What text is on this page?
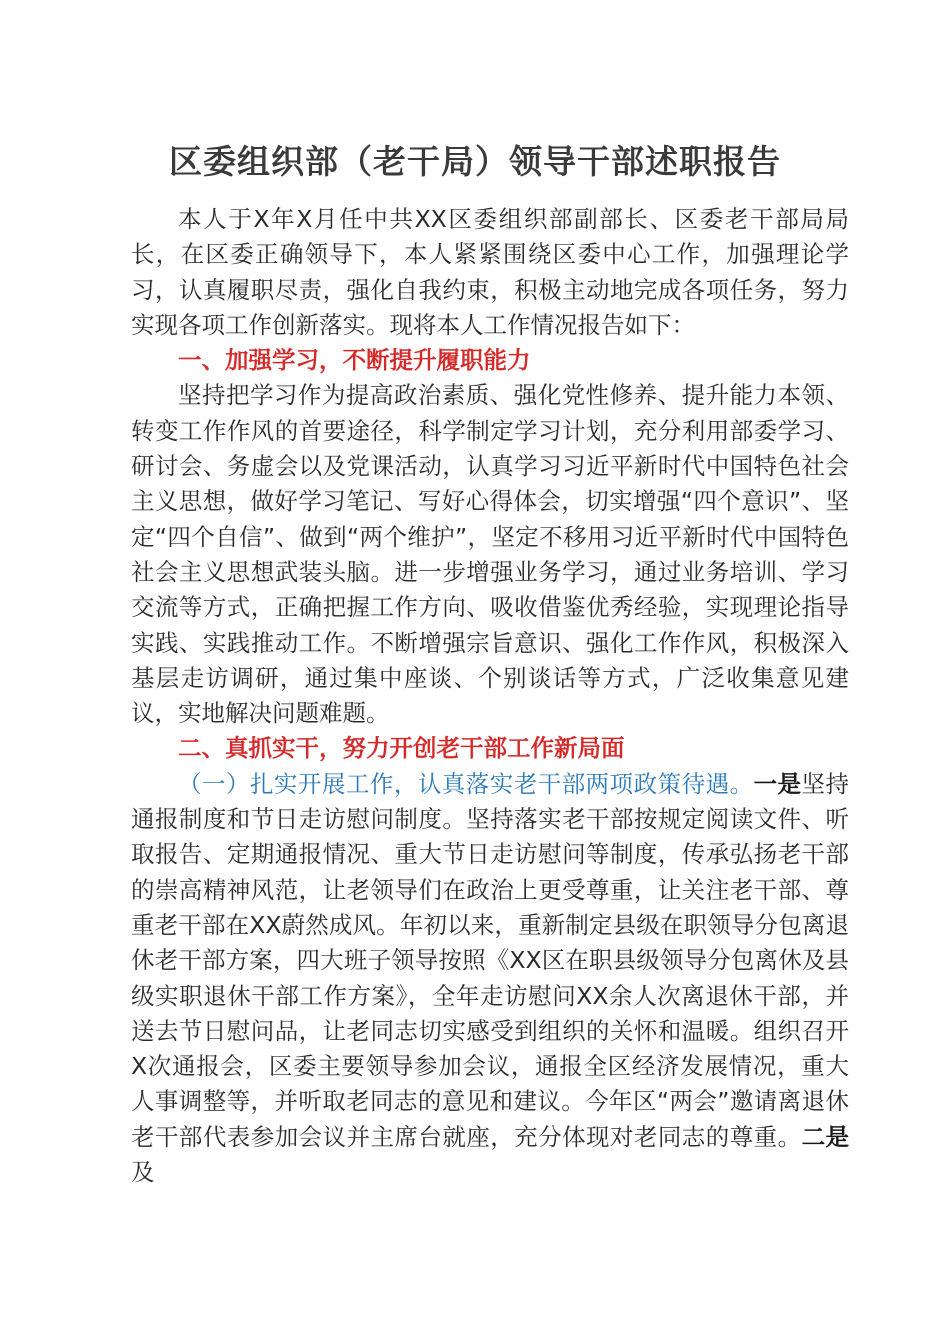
区委组织部（老干局）领导干部述职报告

本人于X年X月任中共XX区委组织部副部长、区委老干部局局长，在区委正确领导下，本人紧紧围绕区委中心工作，加强理论学习，认真履职尽责，强化自我约束，积极主动地完成各项任务，努力实现各项工作创新落实。现将本人工作情况报告如下：

一、加强学习，不断提升履职能力

坚持把学习作为提高政治素质、强化党性修养、提升能力本领、转变工作作风的首要途径，科学制定学习计划，充分利用部委学习、研讨会、务虚会以及党课活动，认真学习习近平新时代中国特色社会主义思想，做好学习笔记、写好心得体会，切实增强“四个意识”、坚定“四个自信”、做到“两个维护”，坚定不移用习近平新时代中国特色社会主义思想武装头脑。进一步增强业务学习，通过业务培训、学习交流等方式，正确把握工作方向、吸收借鉴优秀经验，实现理论指导实践、实践推动工作。不断增强宗旨意识、强化工作作风，积极深入基层走访调研，通过集中座谈、个别谈话等方式，广泛收集意见建议，实地解决问题难题。

二、真抓实干，努力开创老干部工作新局面

（一）扎实开展工作，认真落实老干部两项政策待遇。一是坚持通报制度和节日走访慰问制度。坚持落实老干部按规定阅读文件、听取报告、定期通报情况、重大节日走访慰问等制度，传承弘扬老干部的崇高精神风范，让老领导们在政治上更受尊重，让关注老干部、尊重老干部在XX蔚然成风。年初以来，重新制定县级在职领导分包离退休老干部方案，四大班子领导按照《XX区在职县级领导分包离休及县级实职退休干部工作方案》，全年走访慰问XX余人次离退休干部，并送去节日慰问品，让老同志切实感受到组织的关怀和温暖。组织召开X次通报会，区委主要领导参加会议，通报全区经济发展情况，重大人事调整等，并听取老同志的意见和建议。今年区“两会”邀请离退休老干部代表参加会议并主席台就座，充分体现对老同志的尊重。二是及
